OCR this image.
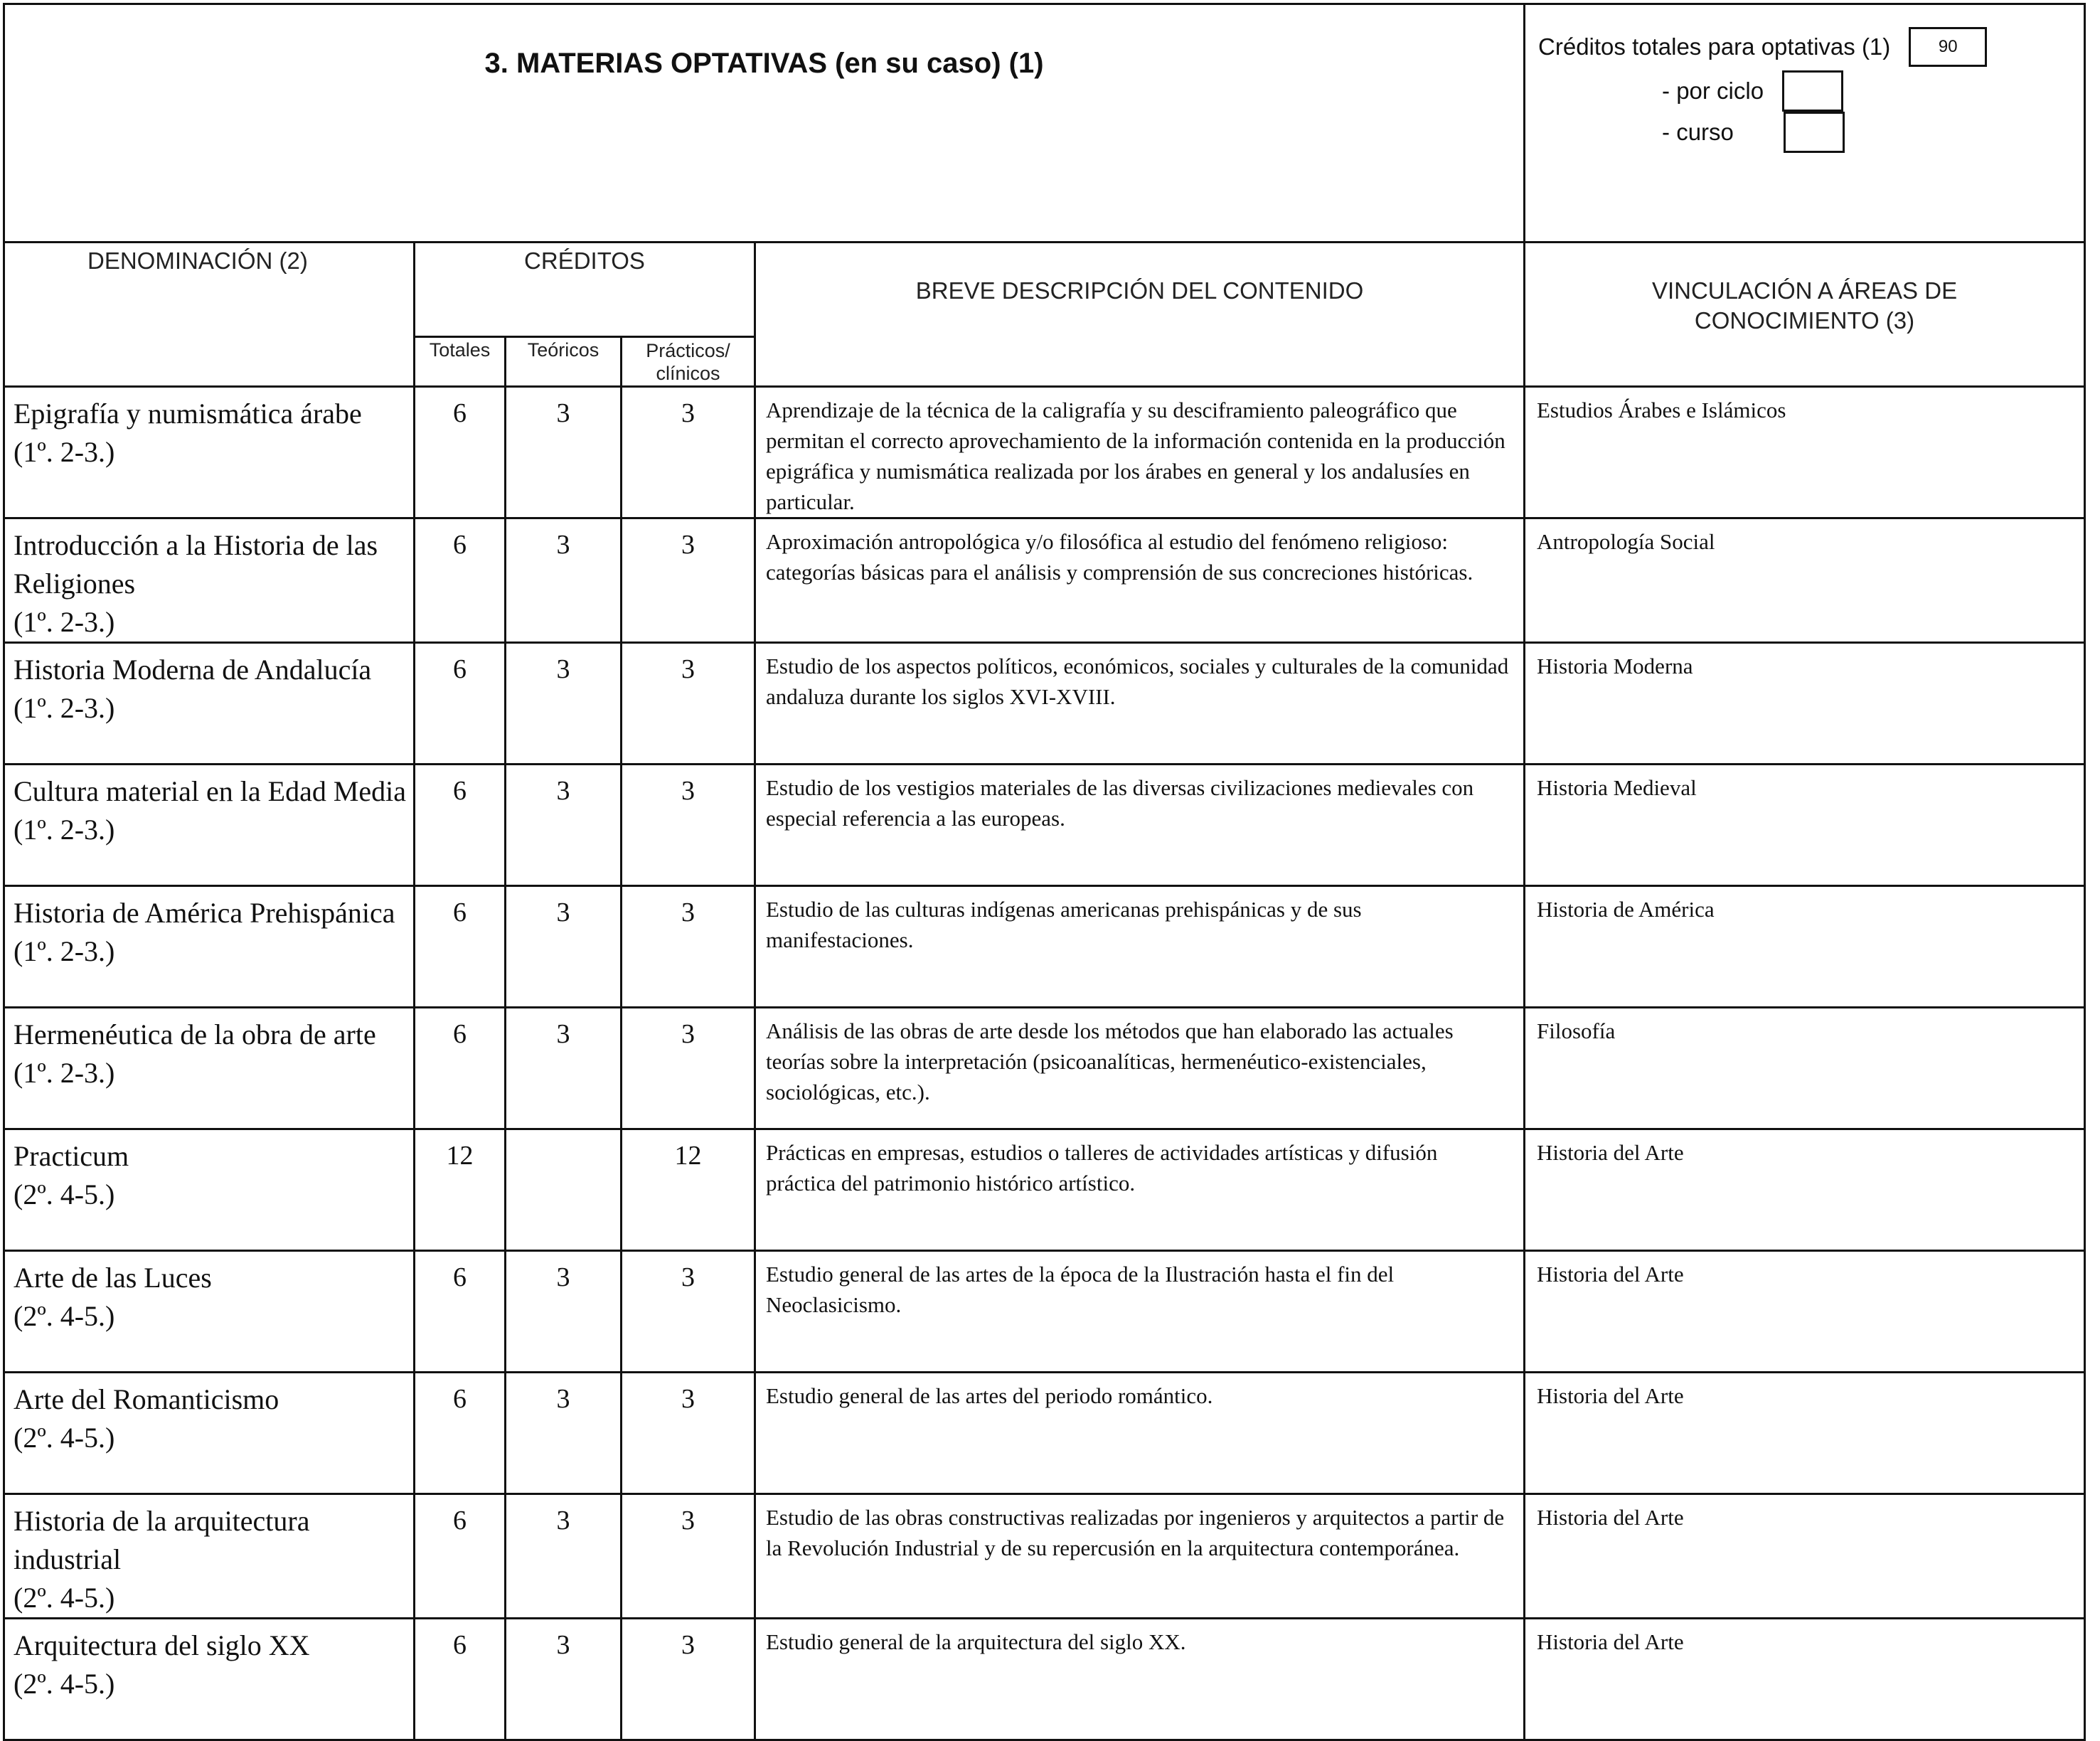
3. MATERIAS OPTATIVAS (en su caso) (1)					Créditos totales para optativas (1) 90
- por ciclo
- curso

DENOMINACIÓN (2)	CRÉDITOS			BREVE DESCRIPCIÓN DEL CONTENIDO	VINCULACIÓN A ÁREAS DE CONOCIMIENTO (3)
	Totales	Teóricos	Prácticos/ clínicos		
Epigrafía y numismática árabe
(1º. 2-3.)	6	3	3	Aprendizaje de la técnica de la caligrafía y su desciframiento paleográfico que permitan el correcto aprovechamiento de la información contenida en la producción epigráfica y numismática realizada por los árabes en general y los andalusíes en particular.	Estudios Árabes e Islámicos

Introducción a la Historia de las Religiones
(1º. 2-3.)	6	3	3	Aproximación antropológica y/o filosófica al estudio del fenómeno religioso: categorías básicas para el análisis y comprensión de sus concreciones históricas.	Antropología Social

Historia Moderna de Andalucía
(1º. 2-3.)	6	3	3	Estudio de los aspectos políticos, económicos, sociales y culturales de la comunidad andaluza durante los siglos XVI-XVIII.	Historia Moderna

Cultura material en la Edad Media
(1º. 2-3.)	6	3	3	Estudio de los vestigios materiales de las diversas civilizaciones medievales con especial referencia a las europeas.	Historia Medieval

Historia de América Prehispánica
(1º. 2-3.)	6	3	3	Estudio de las culturas indígenas americanas prehispánicas y de sus manifestaciones.	Historia de América

Hermenéutica de la obra de arte
(1º. 2-3.)	6	3	3	Análisis de las obras de arte desde los métodos que han elaborado las actuales teorías sobre la interpretación (psicoanalíticas, hermenéutico-existenciales, sociológicas, etc.).	Filosofía

Practicum
(2º. 4-5.)	12		12	Prácticas en empresas, estudios o talleres de actividades artísticas y difusión práctica del patrimonio histórico artístico.	Historia del Arte

Arte de las Luces
(2º. 4-5.)	6	3	3	Estudio general de las artes de la época de la Ilustración hasta el fin del Neoclasicismo.	Historia del Arte

Arte del Romanticismo
(2º. 4-5.)	6	3	3	Estudio general de las artes del periodo romántico.	Historia del Arte

Historia de la arquitectura industrial
(2º. 4-5.)	6	3	3	Estudio de las obras constructivas realizadas por ingenieros y arquitectos a partir de la Revolución Industrial y de su repercusión en la arquitectura contemporánea.	Historia del Arte

Arquitectura del siglo XX
(2º. 4-5.)	6	3	3	Estudio general de la arquitectura del siglo XX.	Historia del Arte
